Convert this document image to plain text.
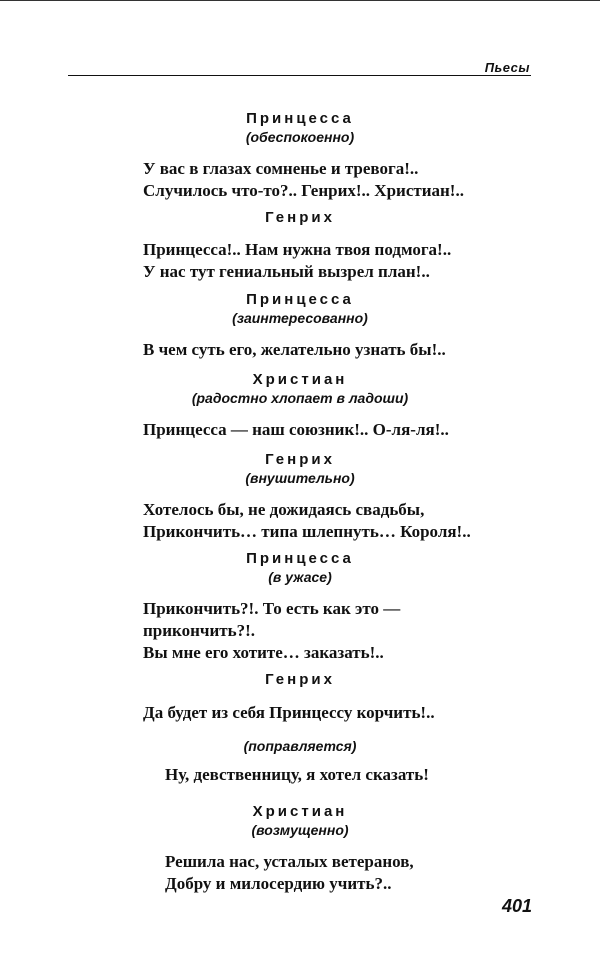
Пьесы
Принцесса
(обеспокоенно)
У вас в глазах сомненье и тревога!..
Случилось что-то?.. Генрих!.. Христиан!..
Генрих
Принцесса!.. Нам нужна твоя подмога!..
У нас тут гениальный вызрел план!..
Принцесса
(заинтересованно)
В чем суть его, желательно узнать бы!..
Христиан
(радостно хлопает в ладоши)
Принцесса — наш союзник!.. О-ля-ля!..
Генрих
(внушительно)
Хотелось бы, не дожидаясь свадьбы,
Прикончить… типа шлепнуть… Короля!..
Принцесса
(в ужасе)
Прикончить?!. То есть как это —
прикончить?!.
Вы мне его хотите… заказать!..
Генрих
Да будет из себя Принцессу корчить!..
(поправляется)
Ну, девственницу, я хотел сказать!
Христиан
(возмущенно)
Решила нас, усталых ветеранов,
Добру и милосердию учить?..
401
